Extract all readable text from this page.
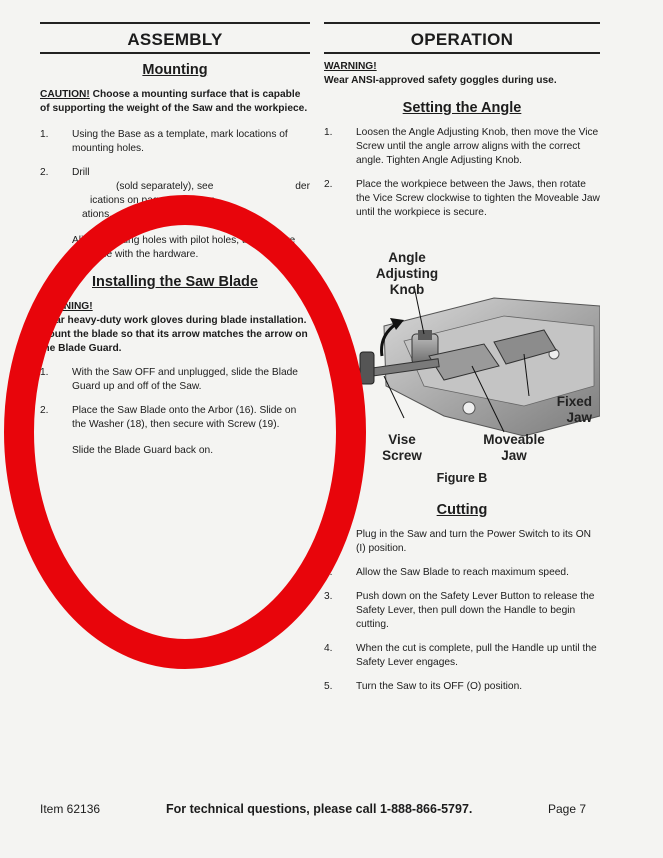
ASSEMBLY
Mounting

CAUTION! Choose a mounting surface that is capable of supporting the weight of the Saw and the workpiece.

1.	Using the Base as a template, mark locations of mounting holes.
2.	Drill
(sold separately), see	der
ications on page 5, at the m
ations.

Align mounting holes with pilot holes, then secure the Base with the hardware.

Installing the Saw Blade

WARNING!

Wear heavy-duty work gloves during blade installation.

Mount the blade so that its arrow matches the arrow on the Blade Guard.

1.	With the Saw OFF and unplugged, slide the Blade Guard up and off of the Saw.
2.	Place the Saw Blade onto the Arbor (16). Slide on the Washer (18), then secure with Screw (19).

Slide the Blade Guard back on.

OPERATION

WARNING!

Wear ANSI-approved safety goggles during use.

Setting the Angle
1.	Loosen the Angle Adjusting Knob, then move the Vice Screw until the angle arrow aligns with the correct angle. Tighten Angle Adjusting Knob.
2.	Place the workpiece between the Jaws, then rotate the Vice Screw clockwise to tighten the Moveable Jaw until the workpiece is secure.
Angle
Adjusting
Knob
Fixed
Jaw
Vise
Screw
Moveable
Jaw
Figure B
Cutting
1.	Plug in the Saw and turn the Power Switch to its ON (I) position.
2.	Allow the Saw Blade to reach maximum speed.
3.	Push down on the Safety Lever Button to release the Safety Lever, then pull down the Handle to begin cutting.
4.	When the cut is complete, pull the Handle up until the Safety Lever engages.
5.	Turn the Saw to its OFF (O) position.
Item 62136	For technical questions, please call 1-888-866-5797.	Page 7
